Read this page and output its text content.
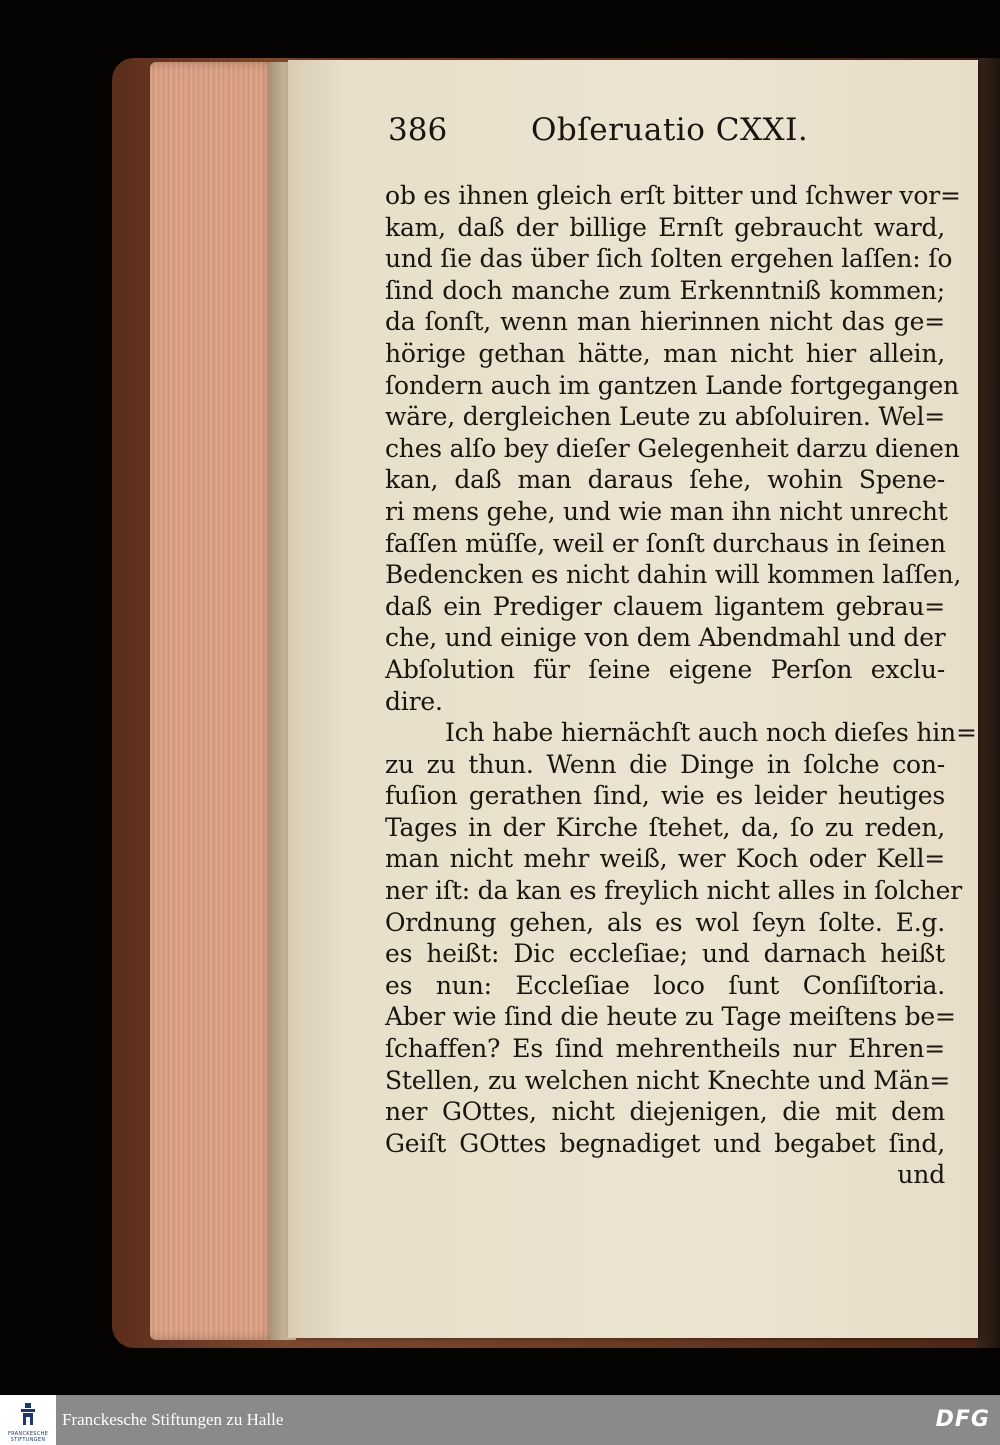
386	Obſeruatio CXXI.
ob es ihnen gleich erſt bitter und ſchwer vor=
kam, daß der billige Ernſt gebraucht ward,
und ſie das über ſich ſolten ergehen laſſen: ſo
ſind doch manche zum Erkenntniß kommen;
da ſonſt, wenn man hierinnen nicht das ge=
hörige gethan hätte, man nicht hier allein,
ſondern auch im gantzen Lande fortgegangen
wäre, dergleichen Leute zu abſoluiren. Wel=
ches alſo bey dieſer Gelegenheit darzu dienen
kan, daß man daraus ſehe, wohin Spene-
ri mens gehe, und wie man ihn nicht unrecht
faſſen müſſe, weil er ſonſt durchaus in ſeinen
Bedencken es nicht dahin will kommen laſſen,
daß ein Prediger clauem ligantem gebrau=
che, und einige von dem Abendmahl und der
Abſolution für ſeine eigene Perſon exclu-
dire.
Ich habe hiernächſt auch noch dieſes hin=
zu zu thun. Wenn die Dinge in ſolche con-
fuſion gerathen ſind, wie es leider heutiges
Tages in der Kirche ſtehet, da, ſo zu reden,
man nicht mehr weiß, wer Koch oder Kell=
ner iſt: da kan es freylich nicht alles in ſolcher
Ordnung gehen, als es wol ſeyn ſolte. E.g.
es heißt: Dic eccleſiae; und darnach heißt
es nun: Eccleſiae loco ſunt Conſiſtoria.
Aber wie ſind die heute zu Tage meiſtens be=
ſchaffen? Es ſind mehrentheils nur Ehren=
Stellen, zu welchen nicht Knechte und Män=
ner GOttes, nicht diejenigen, die mit dem
Geiſt GOttes begnadiget und begabet ſind,
und
FRANCKESCHE STIFTUNGEN
Franckesche Stiftungen zu Halle	DFG
